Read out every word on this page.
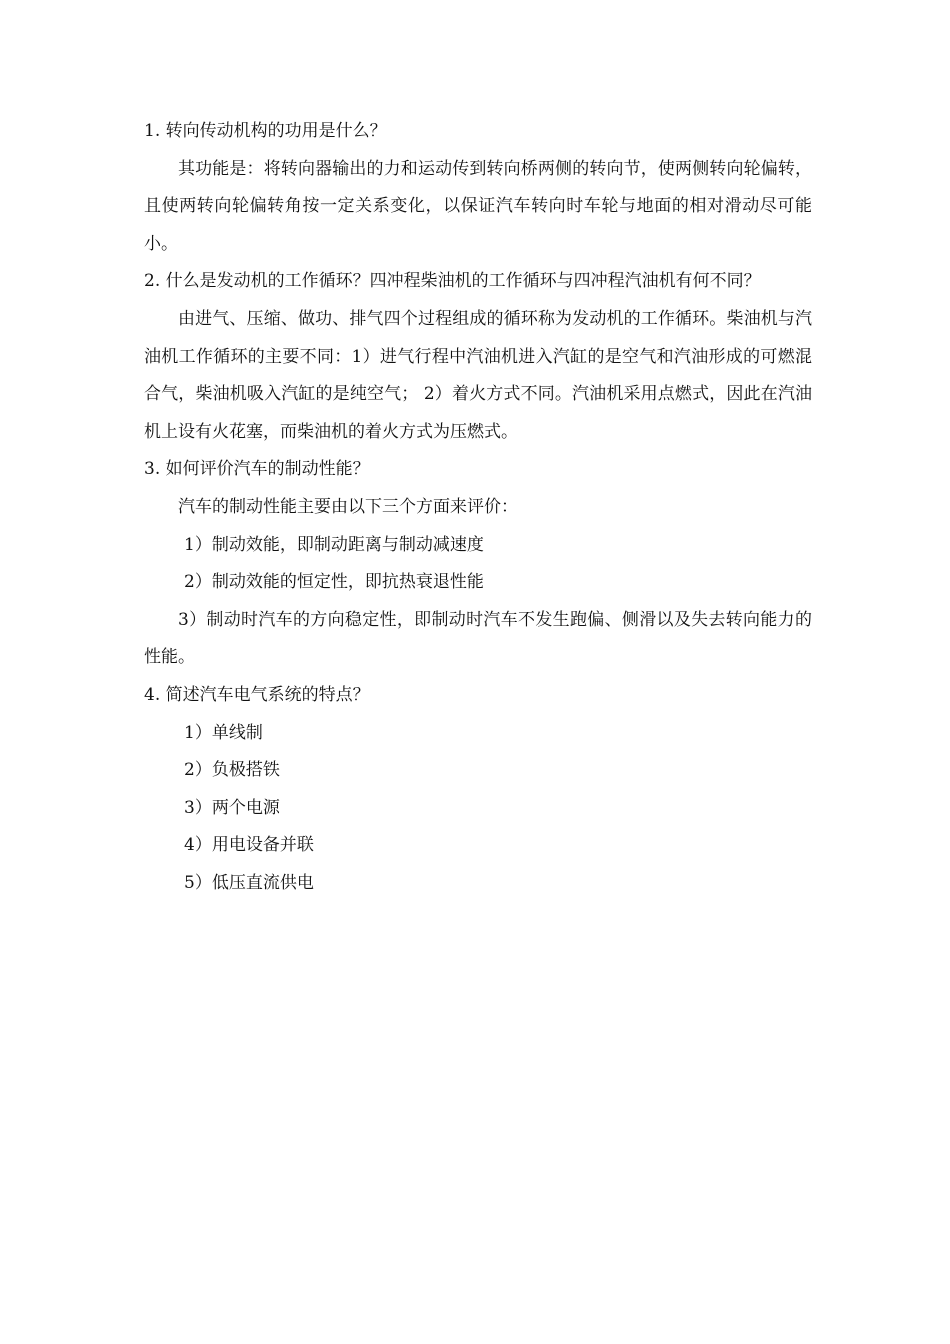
1. 转向传动机构的功用是什么？
其功能是：将转向器输出的力和运动传到转向桥两侧的转向节，使两侧转向轮偏转，且使两转向轮偏转角按一定关系变化，以保证汽车转向时车轮与地面的相对滑动尽可能小。
2. 什么是发动机的工作循环？四冲程柴油机的工作循环与四冲程汽油机有何不同？
由进气、压缩、做功、排气四个过程组成的循环称为发动机的工作循环。柴油机与汽油机工作循环的主要不同：1）进气行程中汽油机进入汽缸的是空气和汽油形成的可燃混合气，柴油机吸入汽缸的是纯空气； 2）着火方式不同。汽油机采用点燃式，因此在汽油机上设有火花塞，而柴油机的着火方式为压燃式。
3. 如何评价汽车的制动性能？
汽车的制动性能主要由以下三个方面来评价：
1）制动效能，即制动距离与制动减速度
2）制动效能的恒定性，即抗热衰退性能
3）制动时汽车的方向稳定性，即制动时汽车不发生跑偏、侧滑以及失去转向能力的性能。
4. 简述汽车电气系统的特点？
1）单线制
2）负极搭铁
3）两个电源
4）用电设备并联
5）低压直流供电
